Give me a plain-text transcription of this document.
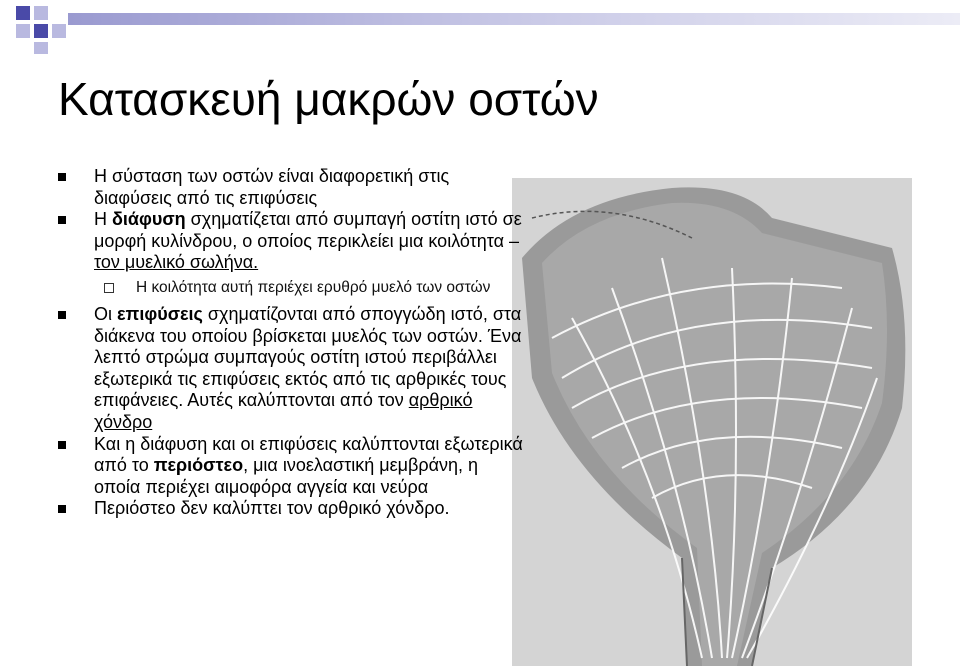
Κατασκευή μακρών οστών
Η σύσταση των οστών είναι διαφορετική στις διαφύσεις από τις επιφύσεις
Η διάφυση σχηματίζεται από συμπαγή οστίτη ιστό σε μορφή κυλίνδρου, ο οποίος περικλείει μια κοιλότητα – τον μυελικό σωλήνα.
Η κοιλότητα αυτή περιέχει ερυθρό μυελό των οστών
Οι επιφύσεις σχηματίζονται από σπογγώδη ιστό, στα διάκενα του οποίου βρίσκεται μυελός των οστών. Ένα λεπτό στρώμα συμπαγούς οστίτη ιστού περιβάλλει εξωτερικά τις επιφύσεις εκτός από τις αρθρικές τους επιφάνειες. Αυτές καλύπτονται από τον αρθρικό χόνδρο
Και η διάφυση και οι επιφύσεις καλύπτονται εξωτερικά από το περιόστεο, μια ινοελαστική μεμβράνη, η οποία περιέχει αιμοφόρα αγγεία και νεύρα
Περιόστεο δεν καλύπτει τον αρθρικό χόνδρο.
